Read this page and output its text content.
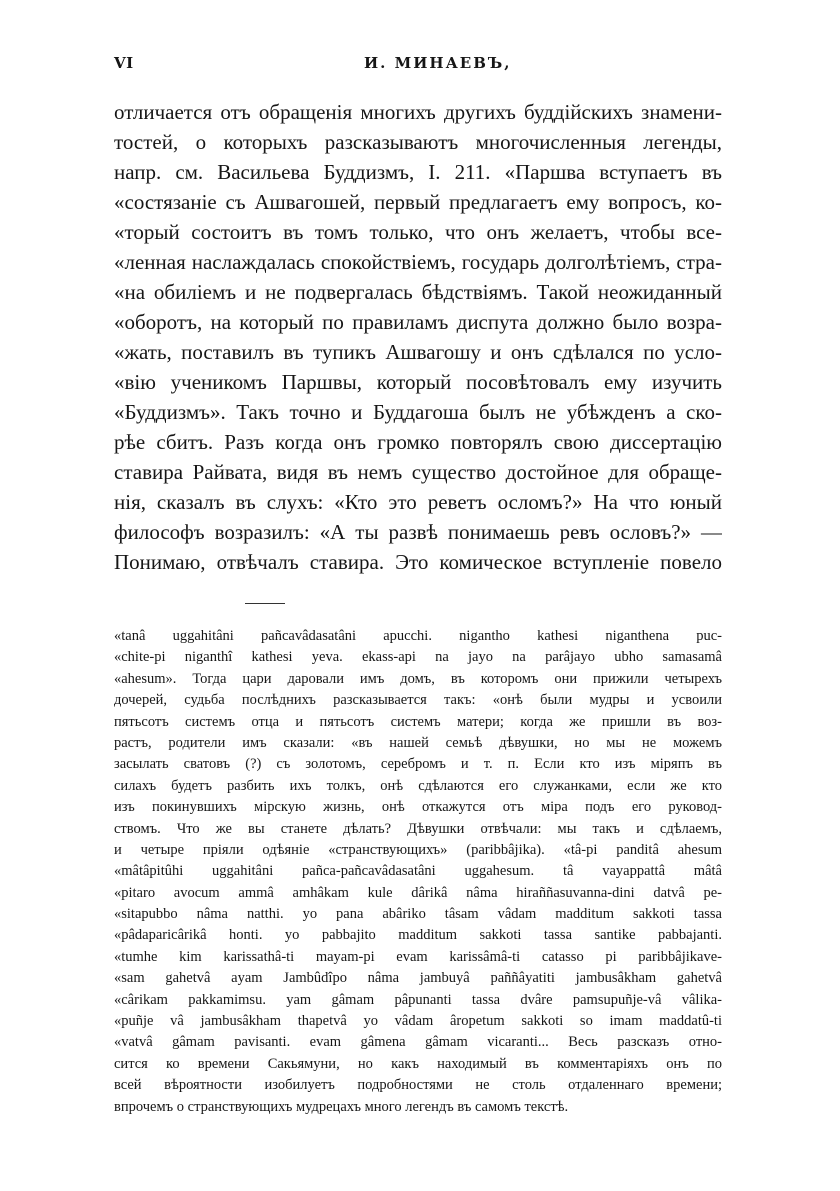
VI	И. МИНАЕВЪ,
отличается отъ обращенія многихъ другихъ буддійскихъ знамени-
тостей, о которыхъ разсказываютъ многочисленныя легенды,
напр. см. Васильева Буддизмъ, I. 211. «Паршва вступаетъ въ
«состязаніе съ Ашвагошей, первый предлагаетъ ему вопросъ, ко-
«торый состоитъ въ томъ только, что онъ желаетъ, чтобы все-
«ленная наслаждалась спокойствіемъ, государь долголѣтіемъ, стра-
«на обиліемъ и не подвергалась бѣдствіямъ. Такой неожиданный
«оборотъ, на который по правиламъ диспута должно было возра-
«жать, поставилъ въ тупикъ Ашвагошу и онъ сдѣлался по усло-
«вію ученикомъ Паршвы, который посовѣтовалъ ему изучить
«Буддизмъ». Такъ точно и Буддагоша былъ не убѣжденъ а ско-
рѣе сбитъ. Разъ когда онъ громко повторялъ свою диссертацію
ставира Райвата, видя въ немъ существо достойное для обраще-
нія, сказалъ въ слухъ: «Кто это реветъ осломъ?» На что юный
философъ возразилъ: «А ты развѣ понимаешь ревъ ословъ?» —
Понимаю, отвѣчалъ ставира. Это комическое вступленіе повело
«tanâ uggahitâni pañcavâdasatâni apucchi. nigantho kathesi niganthena puc-
«chite-pi niganthî kathesi yeva. ekass-api na jayo na parâjayo ubho samasamâ
«ahesum». Тогда цари даровали имъ домъ, въ которомъ они прижили четырехъ
дочерей, судьба послѣднихъ разсказывается такъ: «онѣ были мудры и усвоили
пятьсотъ системъ отца и пятьсотъ системъ матери; когда же пришли въ воз-
растъ, родители имъ сказали: «въ нашей семьѣ дѣвушки, но мы не можемъ
засылать сватовъ (?) съ золотомъ, серебромъ и т. п. Если кто изъ міряпъ въ
силахъ будетъ разбить ихъ толкъ, онѣ сдѣлаются его служанками, если же кто
изъ покинувшихъ мірскую жизнь, онѣ откажутся отъ міра подъ его руковод-
ствомъ. Что же вы станете дѣлать? Дѣвушки отвѣчали: мы такъ и сдѣлаемъ,
и четыре пріяли одѣяніе «странствующихъ» (paribbâjika). «tâ-pi panditâ ahesum
«mâtâpitûhi uggahitâni pañca-pañcavâdasatâni uggahesum. tâ vayappattâ mâtâ
«pitaro avocum ammâ amhâkam kule dârikâ nâma hiraññasuvanna-dini datvâ pe-
«sitapubbo nâma natthi. yo pana abâriko tâsam vâdam madditum sakkoti tassa
«pâdaparicârikâ honti. yo pabbajito madditum sakkoti tassa santike pabbajanti.
«tumhe kim karissathâ-ti mayam-pi evam karissâmâ-ti catasso pi paribbâjikave-
«sam gahetvâ ayam Jambûdîpo nâma jambuyâ paññâyatiti jambusâkham gahetvâ
«cârikam pakkamimsu. yam gâmam pâpunanti tassa dvâre pamsupuñje-vâ vâlika-
«puñje vâ jambusâkham thapetvâ yo vâdam âropetum sakkoti so imam maddatû-ti
«vatvâ gâmam pavisanti. evam gâmena gâmam vicaranti... Весь разсказъ отно-
сится ко времени Сакьямуни, но какъ находимый въ комментаріяхъ онъ по
всей вѣроятности изобилуетъ подробностями не столь отдаленнаго времени;
впрочемъ о странствующихъ мудрецахъ много легендъ въ самомъ текстѣ.
